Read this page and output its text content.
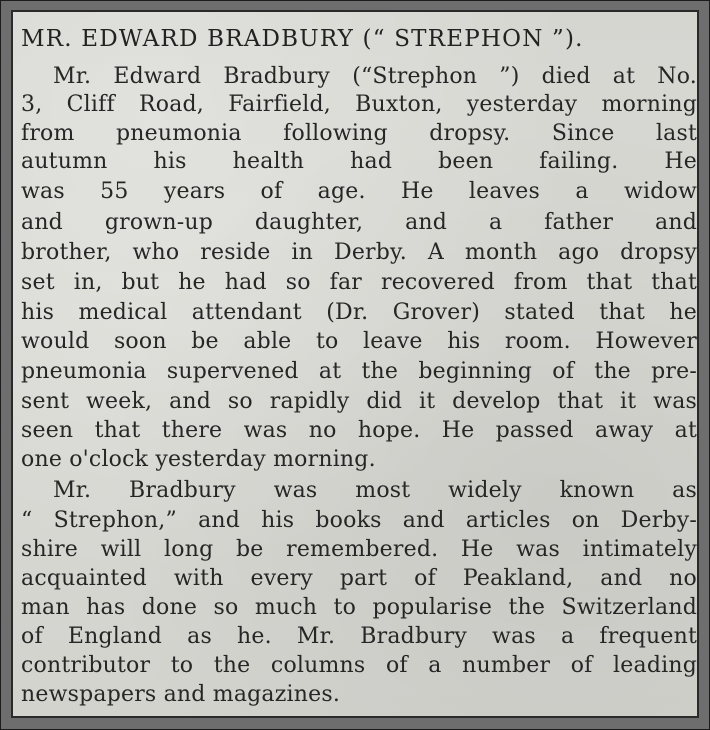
MR. EDWARD BRADBURY (“ STREPHON ”).

Mr. Edward Bradbury (“Strephon ”) died at No.

3, Cliff Road, Fairfield, Buxton, yesterday morning

from pneumonia following dropsy. Since last

autumn his health had been failing. He

was 55 years of age. He leaves a widow

and grown-up daughter, and a father and

brother, who reside in Derby. A month ago dropsy

set in, but he had so far recovered from that that

his medical attendant (Dr. Grover) stated that he

would soon be able to leave his room. However

pneumonia supervened at the beginning of the pre-

sent week, and so rapidly did it develop that it was

seen that there was no hope. He passed away at

one o'clock yesterday morning.

Mr. Bradbury was most widely known as

“ Strephon,” and his books and articles on Derby-

shire will long be remembered. He was intimately

acquainted with every part of Peakland, and no

man has done so much to popularise the Switzerland

of England as he. Mr. Bradbury was a frequent

contributor to the columns of a number of leading

newspapers and magazines.
